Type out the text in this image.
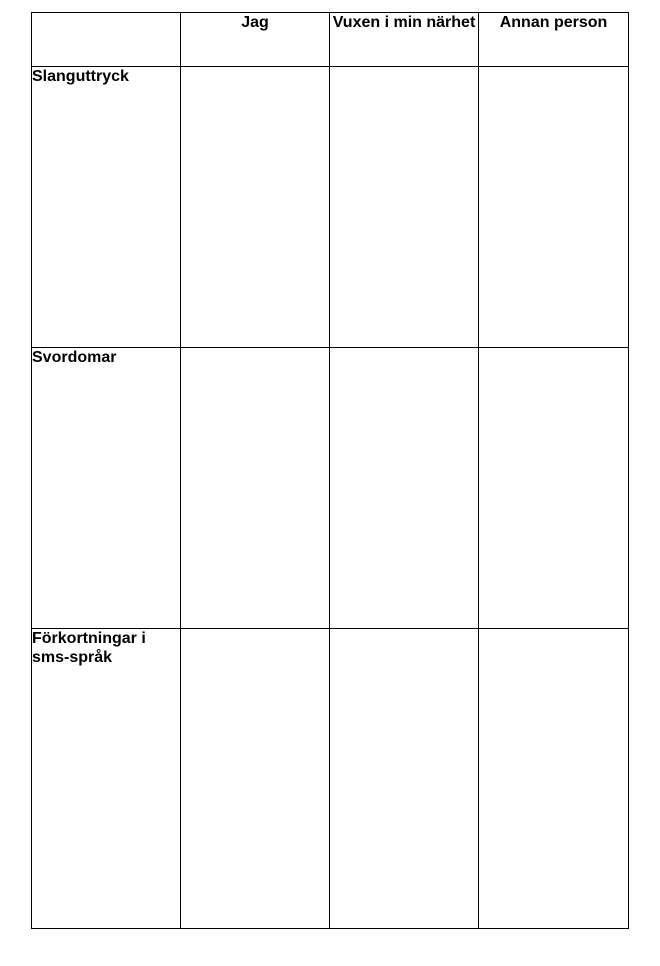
	Jag	Vuxen i min närhet	Annan person
Slanguttryck			
Svordomar			
Förkortningar i sms-språk			
